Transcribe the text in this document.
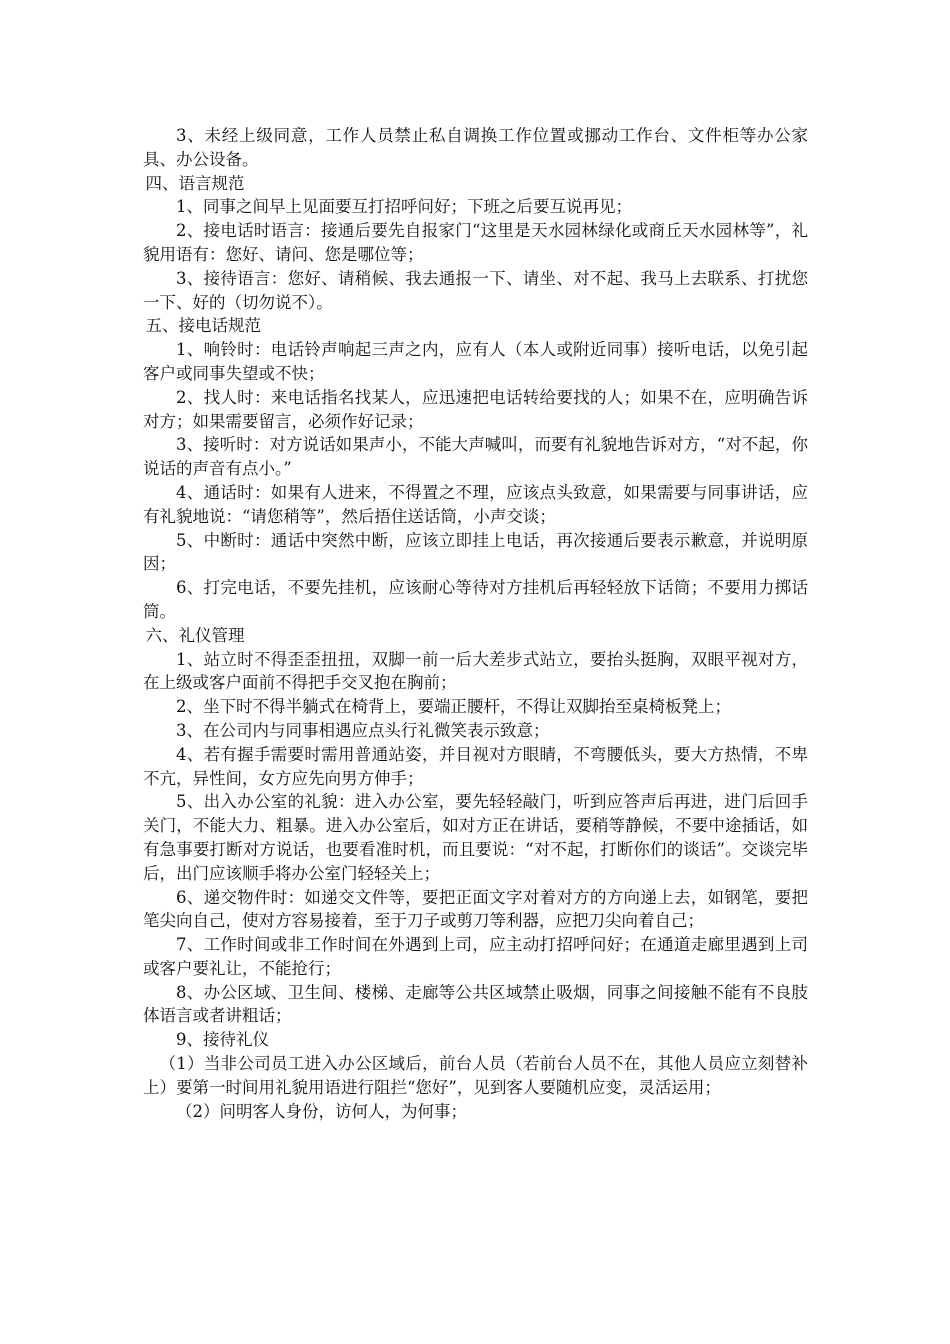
3、未经上级同意，工作人员禁止私自调换工作位置或挪动工作台、文件柜等办公家具、办公设备。

四、语言规范

1、同事之间早上见面要互打招呼问好；下班之后要互说再见；

2、接电话时语言：接通后要先自报家门“这里是天水园林绿化或商丘天水园林等”，礼貌用语有：您好、请问、您是哪位等；

3、接待语言：您好、请稍候、我去通报一下、请坐、对不起、我马上去联系、打扰您一下、好的（切勿说不）。

五、接电话规范

1、响铃时：电话铃声响起三声之内，应有人（本人或附近同事）接听电话，以免引起客户或同事失望或不快；

2、找人时：来电话指名找某人，应迅速把电话转给要找的人；如果不在，应明确告诉对方；如果需要留言，必须作好记录；

3、接听时：对方说话如果声小，不能大声喊叫，而要有礼貌地告诉对方，“对不起，你说话的声音有点小。”

4、通话时：如果有人进来，不得置之不理，应该点头致意，如果需要与同事讲话，应有礼貌地说：“请您稍等”，然后捂住送话筒，小声交谈；

5、中断时：通话中突然中断，应该立即挂上电话，再次接通后要表示歉意，并说明原因；

6、打完电话，不要先挂机，应该耐心等待对方挂机后再轻轻放下话筒；不要用力掷话筒。

六、礼仪管理

1、站立时不得歪歪扭扭，双脚一前一后大差步式站立，要抬头挺胸，双眼平视对方，在上级或客户面前不得把手交叉抱在胸前；

2、坐下时不得半躺式在椅背上，要端正腰杆，不得让双脚抬至桌椅板凳上；

3、在公司内与同事相遇应点头行礼微笑表示致意；

4、若有握手需要时需用普通站姿，并目视对方眼睛，不弯腰低头，要大方热情，不卑不亢，异性间，女方应先向男方伸手；

5、出入办公室的礼貌：进入办公室，要先轻轻敲门，听到应答声后再进，进门后回手关门，不能大力、粗暴。进入办公室后，如对方正在讲话，要稍等静候，不要中途插话，如有急事要打断对方说话，也要看准时机，而且要说：“对不起，打断你们的谈话”。交谈完毕后，出门应该顺手将办公室门轻轻关上；

6、递交物件时：如递交文件等，要把正面文字对着对方的方向递上去，如钢笔，要把笔尖向自己，使对方容易接着，至于刀子或剪刀等利器，应把刀尖向着自己；

7、工作时间或非工作时间在外遇到上司，应主动打招呼问好；在通道走廊里遇到上司或客户要礼让，不能抢行；

8、办公区域、卫生间、楼梯、走廊等公共区域禁止吸烟，同事之间接触不能有不良肢体语言或者讲粗话；

9、接待礼仪

（1）当非公司员工进入办公区域后，前台人员（若前台人员不在，其他人员应立刻替补上）要第一时间用礼貌用语进行阻拦“您好”，见到客人要随机应变，灵活运用；

（2）问明客人身份，访何人，为何事；
